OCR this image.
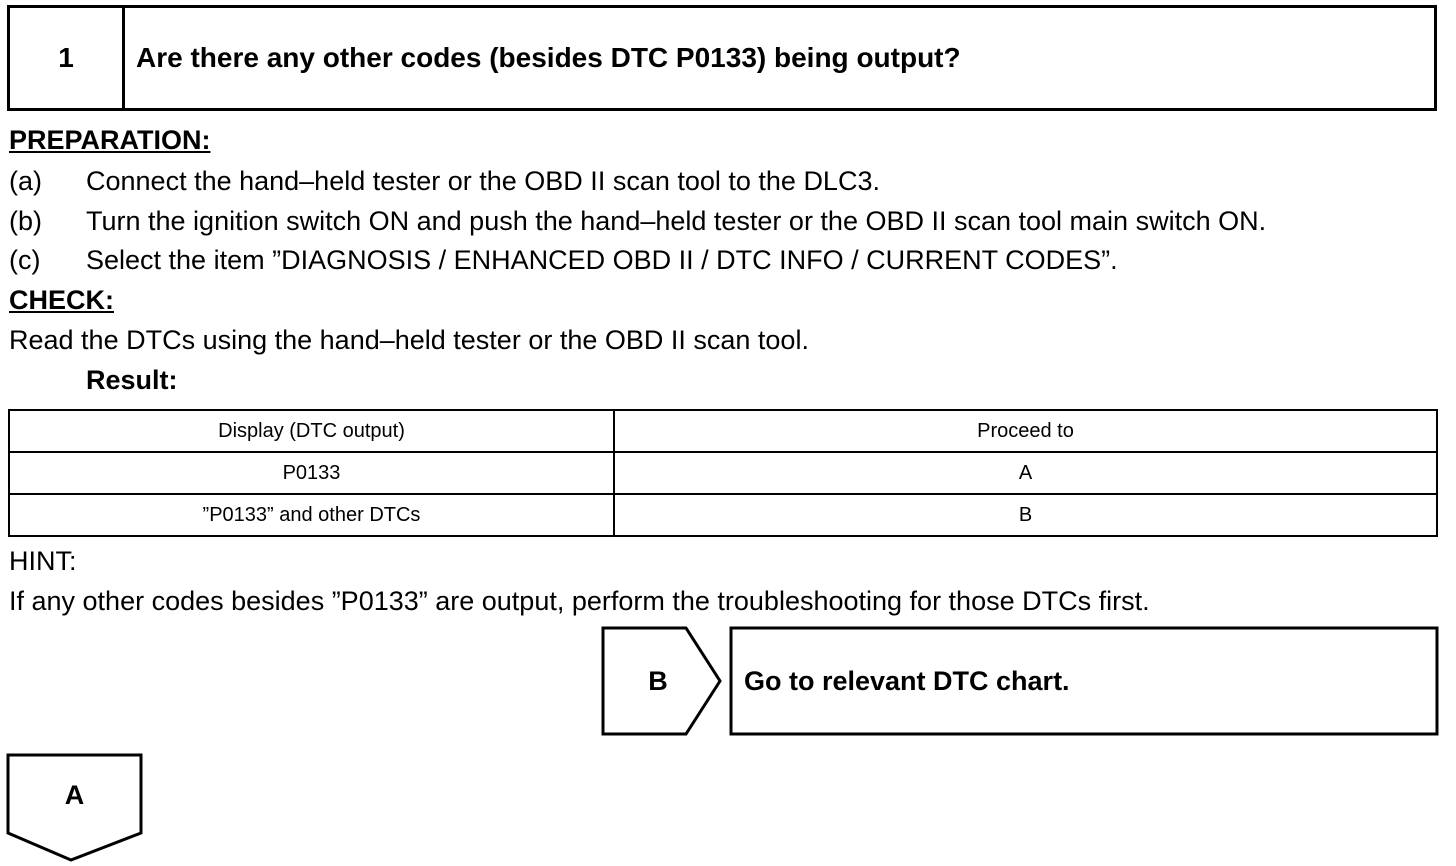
1	Are there any other codes (besides DTC P0133) being output?
PREPARATION:
(a) Connect the hand–held tester or the OBD II scan tool to the DLC3.
(b) Turn the ignition switch ON and push the hand–held tester or the OBD II scan tool main switch ON.
(c) Select the item ”DIAGNOSIS / ENHANCED OBD II / DTC INFO / CURRENT CODES”.
CHECK:
Read the DTCs using the hand–held tester or the OBD II scan tool.
Result:
Display (DTC output)	Proceed to
P0133	A
”P0133” and other DTCs	B
HINT:
If any other codes besides ”P0133” are output, perform the troubleshooting for those DTCs first.
B	Go to relevant DTC chart.
A
